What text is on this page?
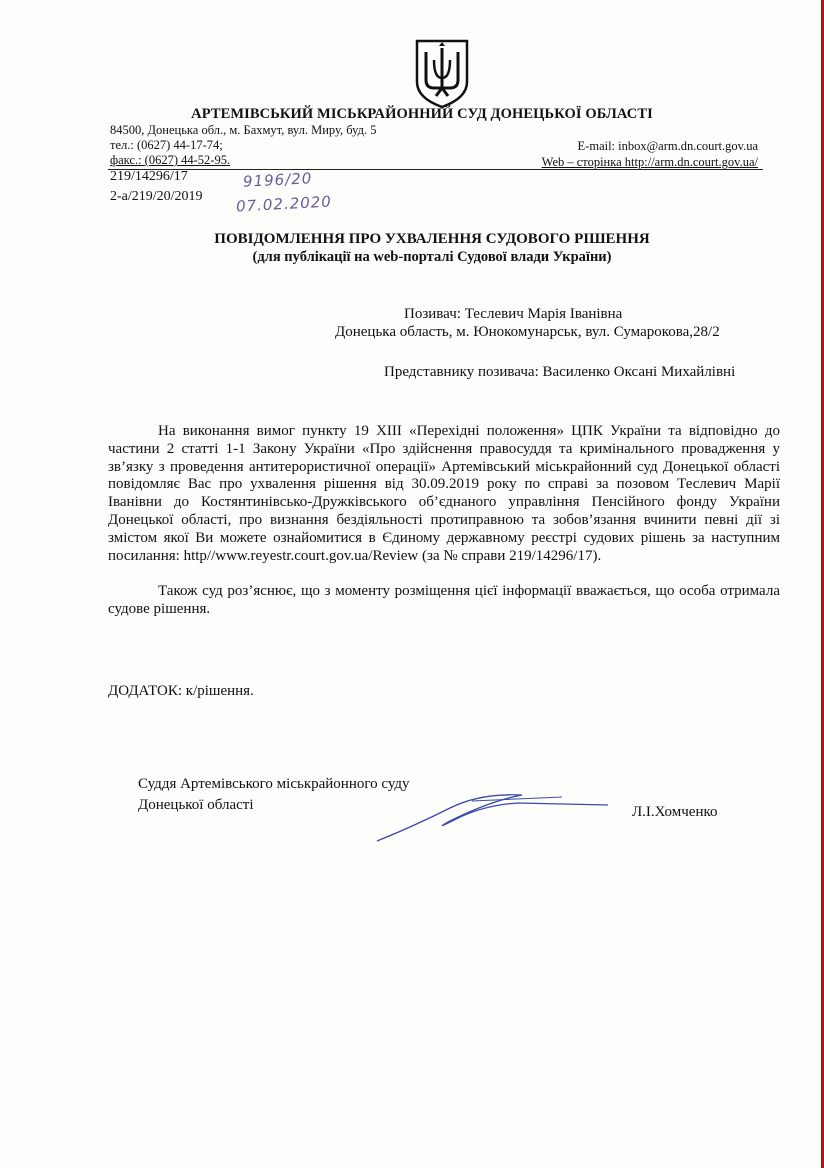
АРТЕМІВСЬКИЙ МІСЬКРАЙОННИЙ СУД ДОНЕЦЬКОЇ ОБЛАСТІ
84500, Донецька обл., м. Бахмут, вул. Миру, буд. 5
тел.: (0627) 44-17-74;
факс.: (0627) 44-52-95.
E-mail: inbox@arm.dn.court.gov.ua
Web – сторінка http://arm.dn.court.gov.ua/
219/14296/17
2-а/219/20/2019
9196/20
07.02.2020
ПОВІДОМЛЕННЯ ПРО УХВАЛЕННЯ СУДОВОГО РІШЕННЯ
(для публікації на web-порталі Судової влади України)
Позивач: Теслевич Марія Іванівна
Донецька область, м. Юнокомунарськ, вул. Сумарокова,28/2
Представнику позивача: Василенко Оксані Михайлівні

На виконання вимог пункту 19 XIII «Перехідні положення» ЦПК України та відповідно до частини 2 статті 1-1 Закону України «Про здійснення правосуддя та кримінального провадження у зв’язку з проведення антитерористичної операції» Артемівський міськрайонний суд Донецької області повідомляє Вас про ухвалення рішення від 30.09.2019 року по справі за позовом Теслевич Марії Іванівни до Костянтинівсько-Дружківського об’єднаного управління Пенсійного фонду України Донецької області, про визнання бездіяльності протиправною та зобов’язання вчинити певні дії зі змістом якої Ви можете ознайомитися в Єдиному державному реєстрі судових рішень за наступним посилання: http//www.reyestr.court.gov.ua/Review (за № справи 219/14296/17).

Також суд роз’яснює, що з моменту розміщення цієї інформації вважається, що особа отримала судове рішення.

ДОДАТОК: к/рішення.
Суддя Артемівського міськрайонного суду
Донецької області	Л.І.Хомченко
